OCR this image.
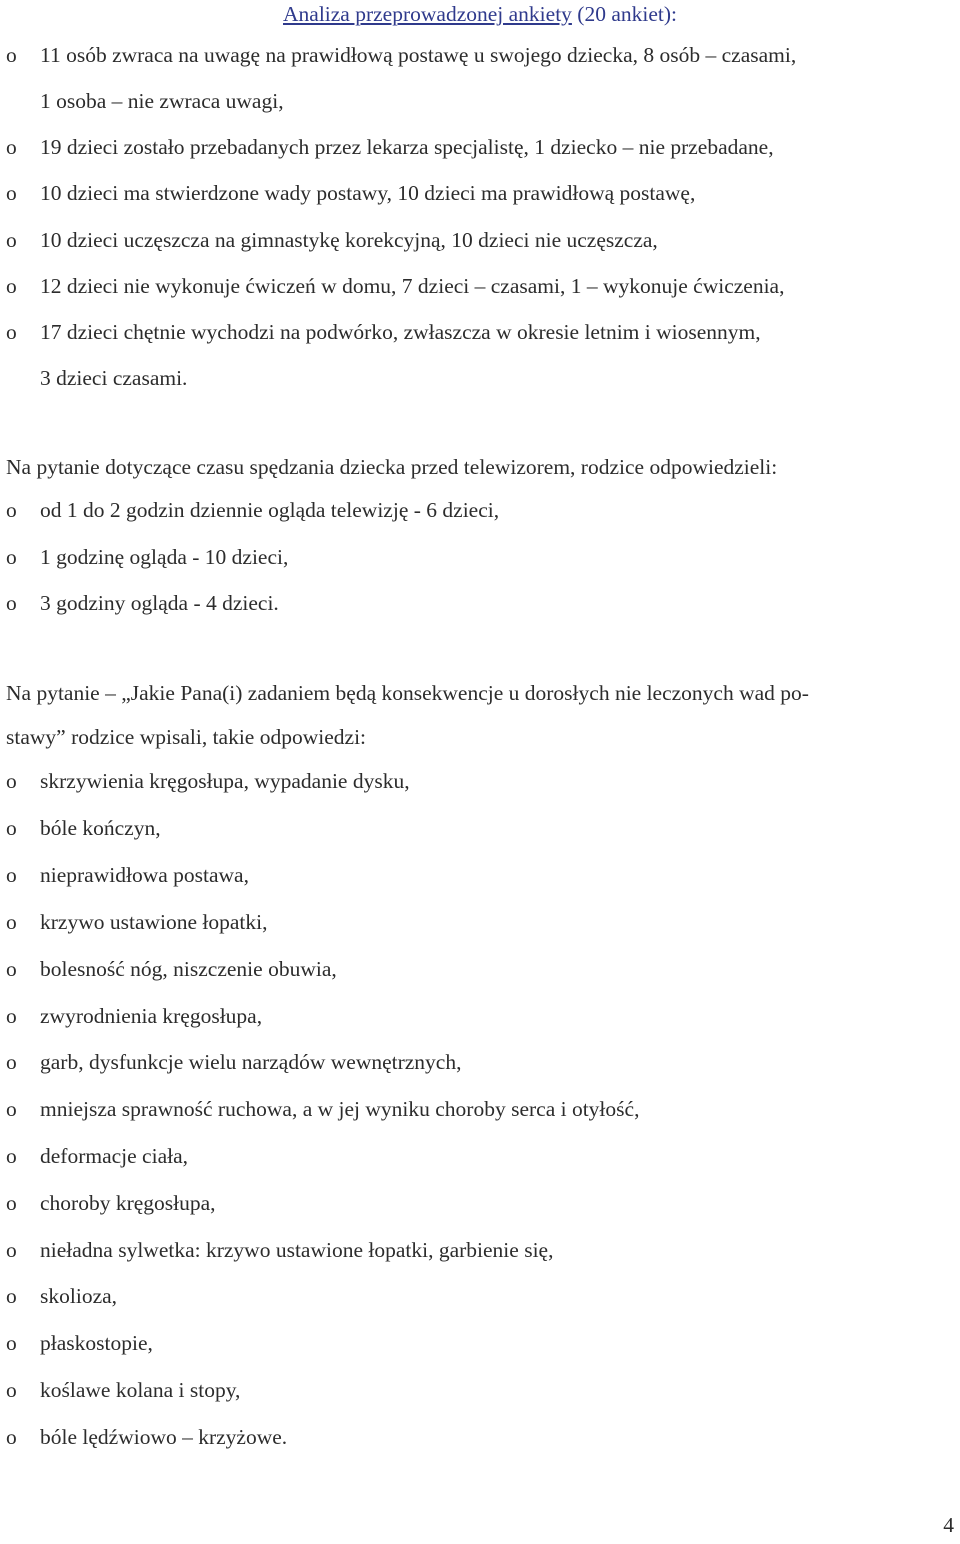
Analiza przeprowadzonej ankiety (20 ankiet):
o 11 osób zwraca na uwagę na prawidłową postawę u swojego dziecka, 8 osób – czasami,
1 osoba – nie zwraca uwagi,
o 19 dzieci zostało przebadanych przez lekarza specjalistę, 1 dziecko – nie przebadane,
o 10 dzieci ma stwierdzone wady postawy, 10 dzieci ma prawidłową postawę,
o 10 dzieci uczęszcza na gimnastykę korekcyjną, 10 dzieci nie uczęszcza,
o 12 dzieci nie wykonuje ćwiczeń w domu, 7 dzieci – czasami, 1 – wykonuje ćwiczenia,
o 17 dzieci chętnie wychodzi na podwórko, zwłaszcza w okresie letnim i wiosennym,
3 dzieci czasami.
Na pytanie dotyczące czasu spędzania dziecka przed telewizorem, rodzice odpowiedzieli:
o od 1 do 2 godzin dziennie ogląda telewizję - 6 dzieci,
o 1 godzinę ogląda - 10 dzieci,
o 3 godziny ogląda - 4 dzieci.
Na pytanie – „Jakie Pana(i) zadaniem będą konsekwencje u dorosłych nie leczonych wad po-
stawy” rodzice wpisali, takie odpowiedzi:
o skrzywienia kręgosłupa, wypadanie dysku,
o bóle kończyn,
o nieprawidłowa postawa,
o krzywo ustawione łopatki,
o bolesność nóg, niszczenie obuwia,
o zwyrodnienia kręgosłupa,
o garb, dysfunkcje wielu narządów wewnętrznych,
o mniejsza sprawność ruchowa, a w jej wyniku choroby serca i otyłość,
o deformacje ciała,
o choroby kręgosłupa,
o nieładna sylwetka: krzywo ustawione łopatki, garbienie się,
o skolioza,
o płaskostopie,
o koślawe kolana i stopy,
o bóle lędźwiowo – krzyżowe.
4
